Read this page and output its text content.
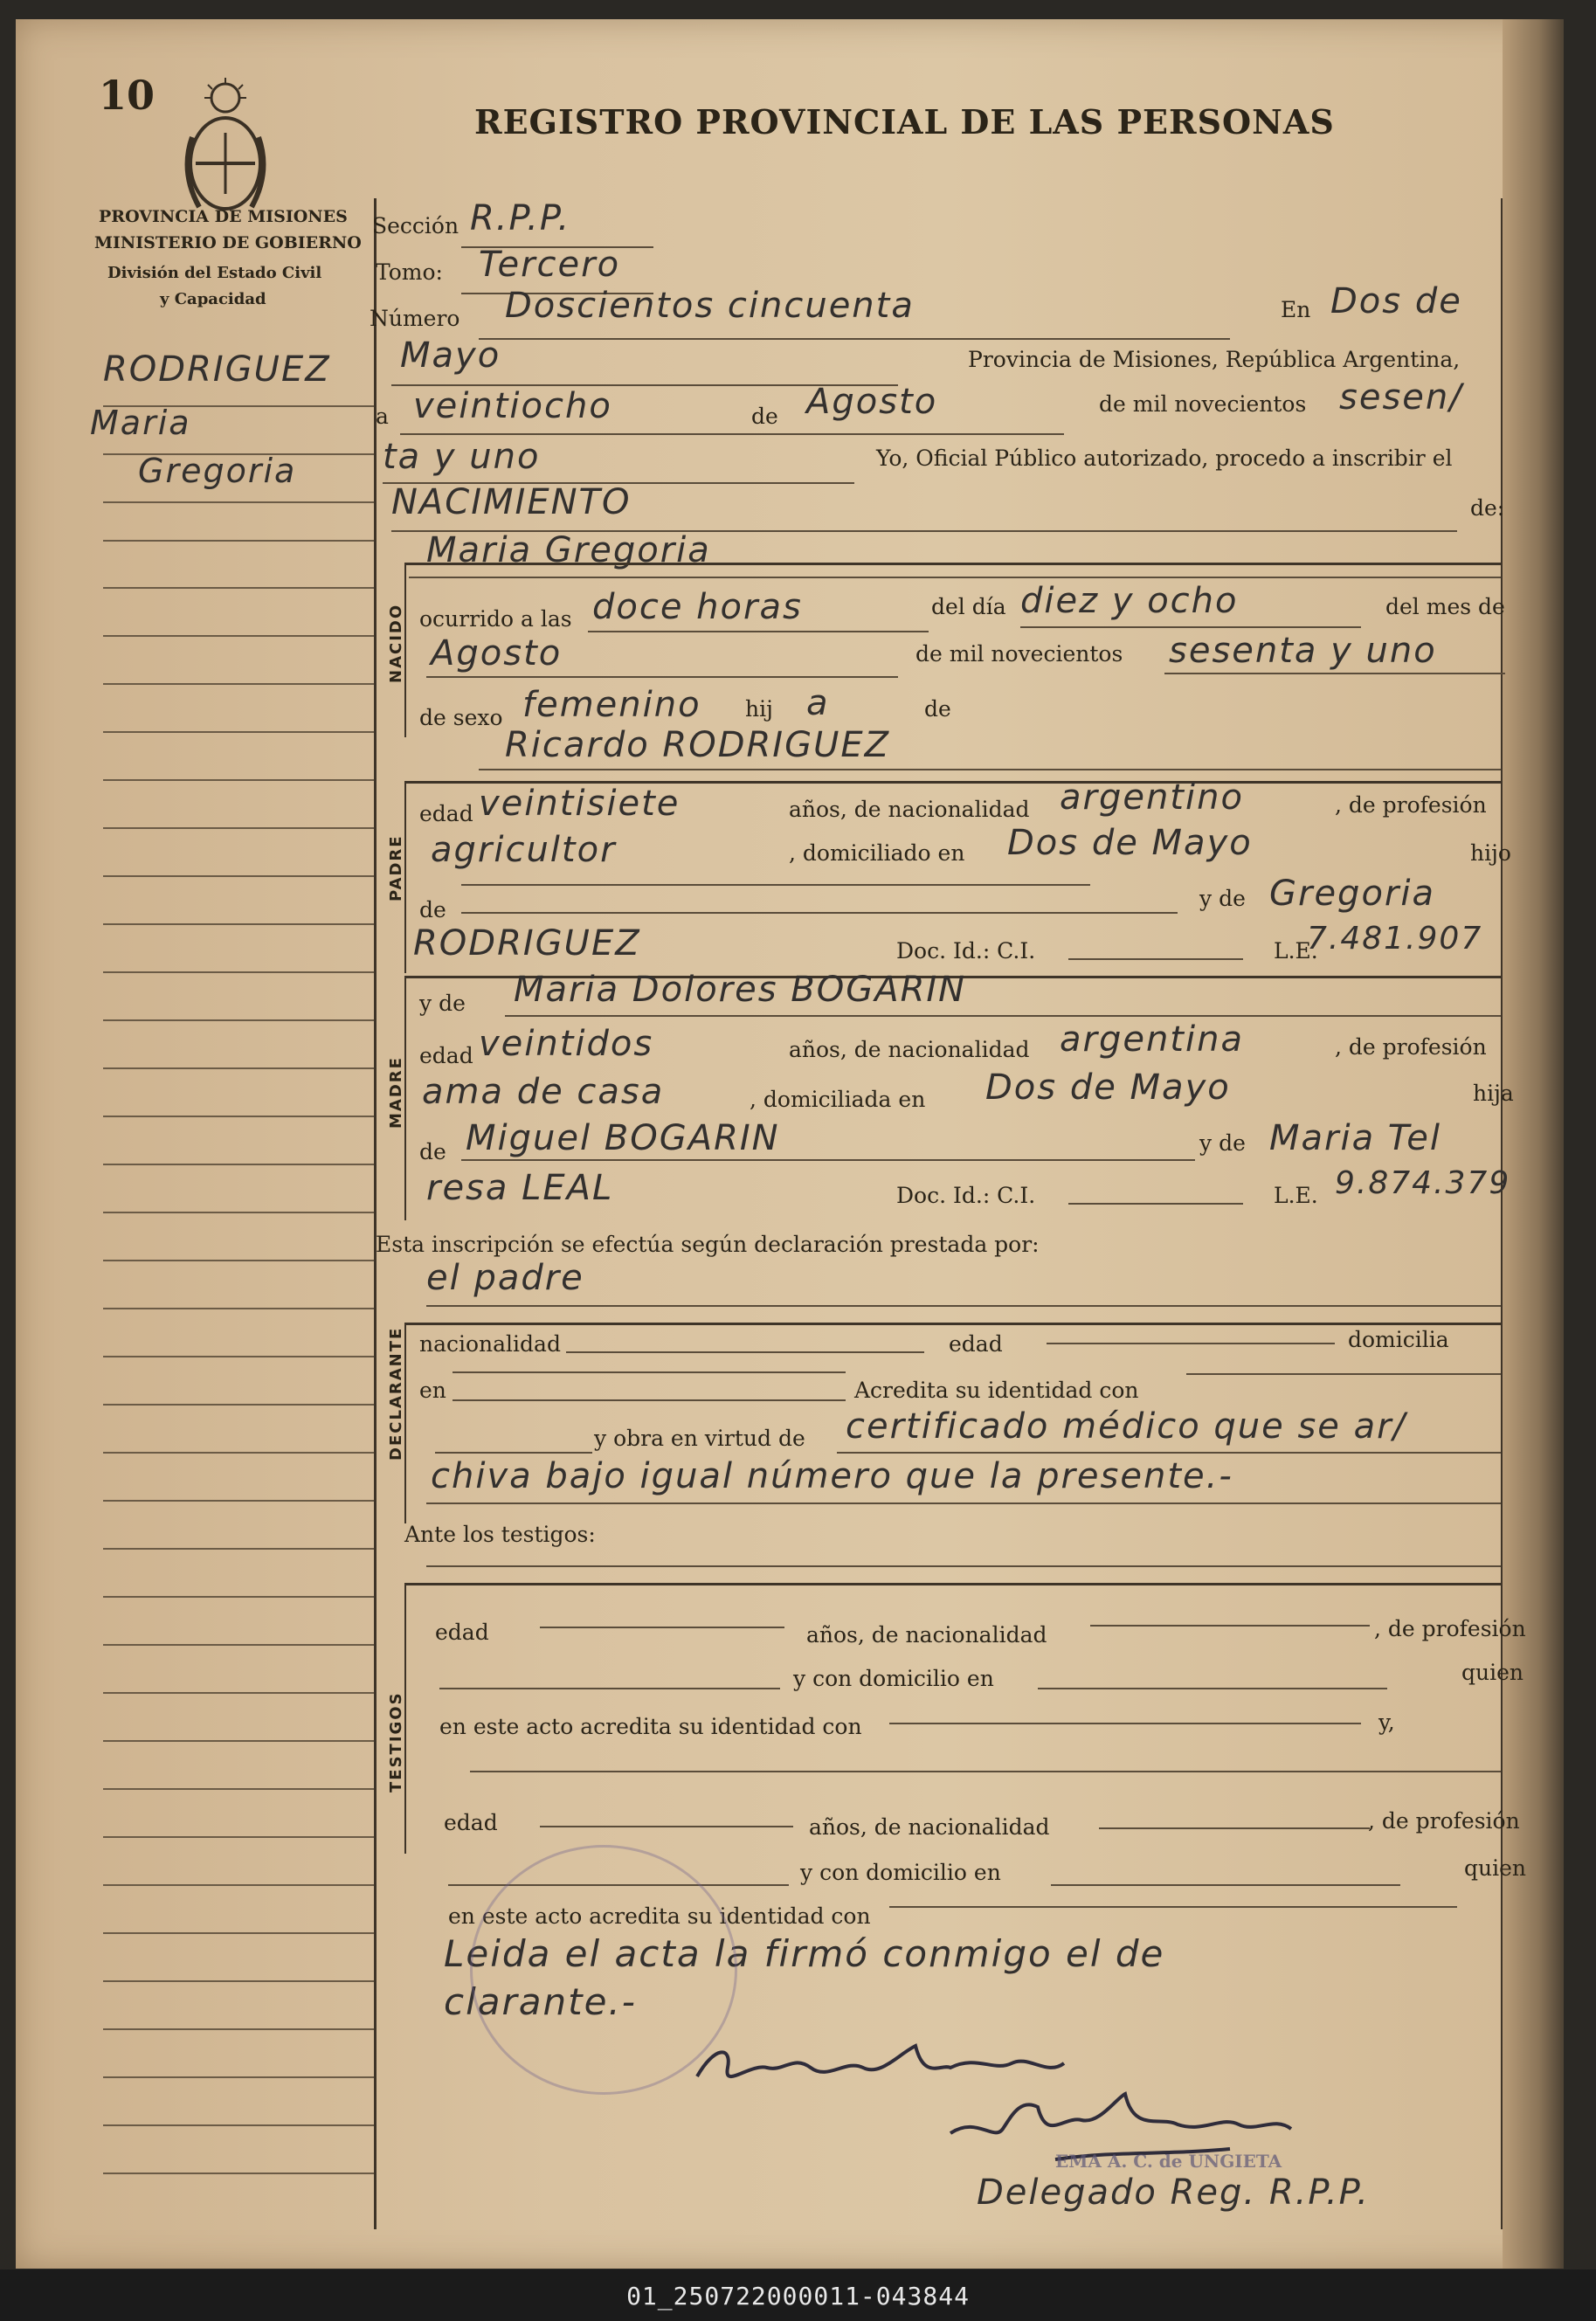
10
PROVINCIA DE MISIONES
MINISTERIO DE GOBIERNO
División del Estado Civil
y Capacidad
REGISTRO PROVINCIAL DE LAS PERSONAS
RODRIGUEZ
Maria
Gregoria
Sección R.P.P.
Tomo: Tercero
Número Doscientos cincuenta	En Dos de
Mayo	Provincia de Misiones, República Argentina,
a veintiocho	de Agosto	de mil novecientos sesen/
ta y uno	Yo, Oficial Público autorizado, procedo a inscribir el
NACIMIENTO	de:
Maria Gregoria
NACIDO ocurrido a las doce horas	del día diez y ocho	del mes de
Agosto	de mil novecientos sesenta y uno
de sexo femenino hij a	de
Ricardo RODRIGUEZ
PADRE
edad veintisiete	años, de nacionalidad argentino	, de profesión
agricultor	, domiciliado en Dos de Mayo	hijo
de	y de Gregoria
RODRIGUEZ	Doc. Id.: C.I.	L.E.
7.481.907
MADRE
y de Maria Dolores BOGARIN
edad veintidos	años, de nacionalidad argentina	, de profesión
ama de casa	, domiciliada en Dos de Mayo	hija
de Miguel BOGARIN	y de Maria Tel
resa LEAL	Doc. Id.: C.I.	L.E. 9.874.379
Esta inscripción se efectúa según declaración prestada por:
el padre
DECLARANTE nacionalidad	edad	domicilia
en	Acredita su identidad con
y obra en virtud de certificado médico que se ar/
chiva bajo igual número que la presente.-
Ante los testigos:
TESTIGOS
edad	años, de nacionalidad	, de profesión
y con domicilio en	quien
en este acto acredita su identidad con	y,
edad	años, de nacionalidad	, de profesión
y con domicilio en	quien
en este acto acredita su identidad con
Leida el acta la firmó conmigo el de
clarante.-
EMA A. C. de UNGIETA
Delegado Reg. R.P.P.
01_250722000011-043844
